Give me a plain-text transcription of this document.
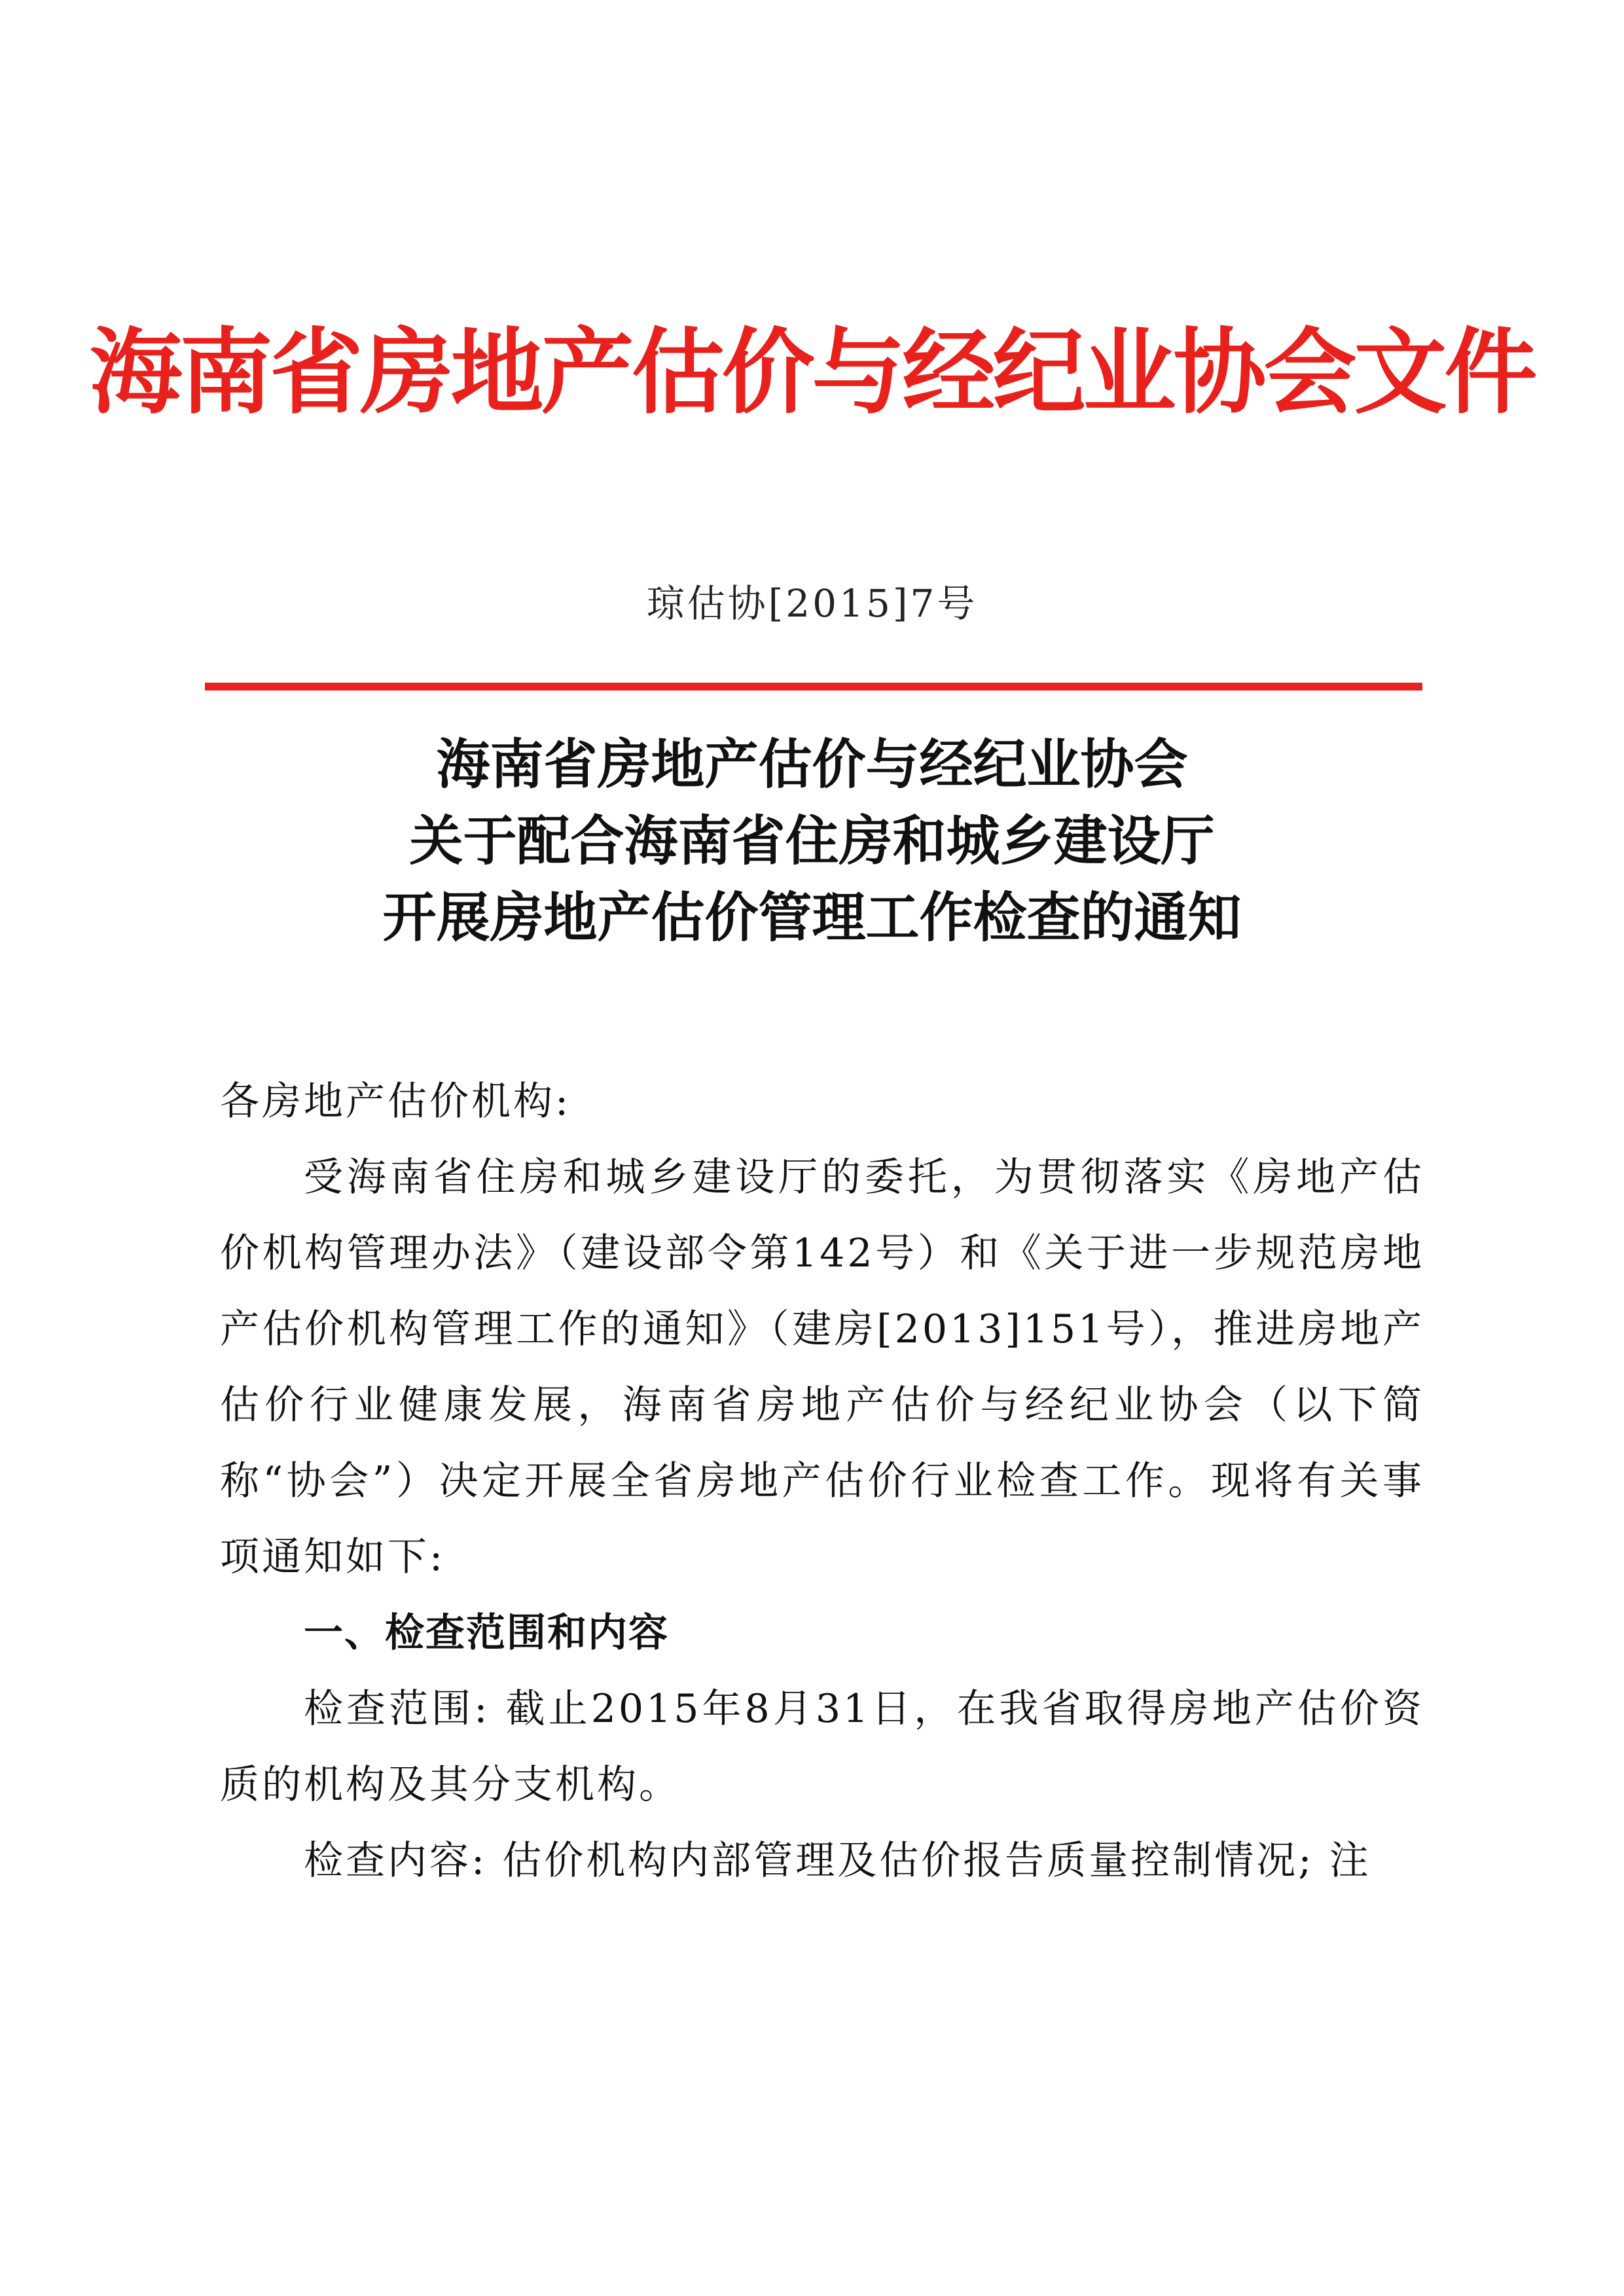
海南省房地产估价与经纪业协会文件
琼估协[2015]7号
海南省房地产估价与经纪业协会
关于配合海南省住房和城乡建设厅
开展房地产估价管理工作检查的通知

各房地产估价机构:

受海南省住房和城乡建设厅的委托，为贯彻落实《房地产估价机构管理办法》（建设部令第142号）和《关于进一步规范房地产估价机构管理工作的通知》（建房[2013]151号），推进房地产估价行业健康发展，海南省房地产估价与经纪业协会（以下简称“协会”）决定开展全省房地产估价行业检查工作。现将有关事项通知如下:

一、检查范围和内容

检查范围: 截止2015年8月31日，在我省取得房地产估价资质的机构及其分支机构。

检查内容: 估价机构内部管理及估价报告质量控制情况; 注
